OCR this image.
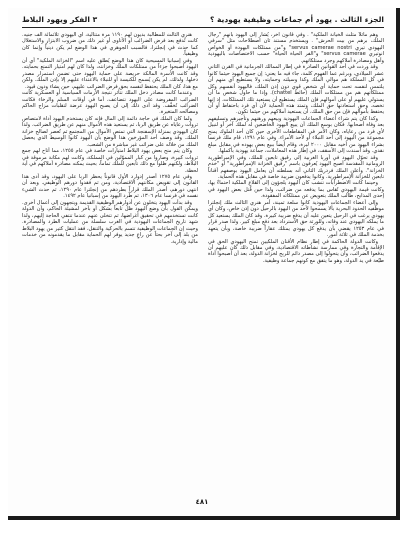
الجزء الثالث . يهود أم جماعات وظيفية يهودية ؟
٣ الفكر ويهود البلاط

وهم ماثلاً مثلث الخيانة الملكية" . وفي قانون آخر، يُشار إلى اليهود بأنهم "رجال الملك، برهم من بيت الحرش" . ويستخدم مستند ثان اصطلاحات مثل "سرفي اليهودي تيري servus camerae nostri" و"من ممتلكات اليهودة أو الخواص انوتيري servus camerae" و"الفر الحياة الحياة" حسب الاختصاصات باليهودية وأهل ومصادرة أملاكهم وجرد ممتلكاتهم.

وقد وردت في أحد القوانين الصادرة في إطار الممالك الجرمانية في القرن الثاني عشر الميلادي، وبرغم عما الفهوم كلمة، جاء فيه ما يعني: إن جميع اليهود حيثما كانوا في كل المملكة هم موالي الملك وكذا وسيلته وحمايته، ولا يستطيع أي منهم أن يلتمس لنفسه تحت حماية أي شخص قوي دون إذن الملك، فاليهود أنفسهم وكل ممتلكاتهم هم من ممتلكات الملك (حائط chattel). وإذا ما حاول شخص ما أن يستولي عليهم أو على أموالهم فإن الملك يستطيع أن يستعيد تلك الممتلكات، إذ إنها تخصه. وحق استعادتها حق الملك، وتمتد هذه الحماية لأن أي فرد باحتفاظ أو أن يحتفظ بأموالهم فإن من حق الملك، أن يستعيد أملاكهم من حيثما تكون.

وكذا كان يتم شراء أعضاء الجماعات اليهودية وبيعهم ورهنهم وتأجيرهم وتسليفهم بعد وفاة أصحابها. فكان بوسع الملك أن يبيع اليهود الخاضعين له لملك آخر أو لنبيل لأي فرد من رعاياه، وكان الأمر في المقاطعات الأخرى حين كان أحد الملوك يمنح مجموعة من اليهود إلى أحد النبلاء أو لأحد الأمراء. وفي عام ١٢٩١، قام ملك فرنسا بشراء اليهود من أخيه مقابل ٢٠٠٠ ليرة، وقام أيضاً ببيع بعض يهوده في مقابل مبلغ نقدي. وقد أُسندت إلى الأسقف، في إطار هذه المعاملات، جماعة يهودية بأكملها.

وقد تحوّل اليهود في أوربا الغربية إلى رقيق تابعين للملك، وفي الإمبراطورية الرومانية المقدسة أصبح اليهود يُعرفون باسم "رقيق الخزانة الإمبراطورية" أو "خدم الخزانة". وأعلن الملك فردريك الثاني أنه بسلطته أن يعامل اليهود بوصفهم أقناناً تابعين للخزانة الإمبراطورية. وكانوا يدفعون ضريبة خاصة في مقابل هذه الحماية.

وحينما كانت الاضطرابات تنشب كان اليهود يلجؤون إلى القلاع الملكية احتماءً بها، وكانت قيمة اليهودي تُقاس بما يدفعه من ضرائب، ولذا حين قُتل بعض اليهود في إحدى المذابح، طالب الملك بتعويض عن ممتلكاته المفقودة.

وإلى أعضاء الجماعات اليهودية كانوا سلعة ثمينة، أمر هنري الثالث ملك إنجلترا موظفيه الحدود البحرية بألا يسمحوا لأحد من اليهود بالرحيل دون إذن خاص، وكان أي يهودي يرغب في الرحيل يتعين عليه أن يدفع ضريبة كبيرة. وقد كان الملك يستعيد كل ما يملكه اليهودي عند وفاته، وللورثة حق الاسترداد بعد دفع مبلغ كبير. ولذا صدر قرار في عام ١٢٥٣ يقضي بأن يدفع كل يهودي يمتلك عقاراً ضريبة خاصة، وبأن يتعهد بخدمة الملك في ثلاثة أمور.

وكانت الدولة الحاكمة في إطار نظام الأقنان الملكيين تمنح اليهودي الحق في الإقامة والتجارة وفي ممارسة نشاطاته الاقتصادية، وفي مقابل ذلك كان عليهم أن يدفعوا الضرائب، وأن يتحولوا إلى مصدر دائم للربح لخزانة الدولة، بعد أن أصبحوا أداة طيّعة في يد الدولة، وهو ما يتفق مع كونهم جماعة وظيفية.

هنري الثالث للمطالبة بديون لهم ١١٩٠ مرة متتالية، أي اليهودي ثلاثمائة ألف جنيه. كانت تُدفع بعد فرض الضرائب أو الأتاوى أو غير ذلك من ضروب الابتزاز والاستغلال كما حدث في إنجلترا، فالسبب الجوهري في هذا الوضع لم يكن دينياً وإنما كان وظيفياً.

وفي إسبانيا المسيحية كان هذا الوضع يُطلق عليه اسم "الخزانة الملكية" أي أن اليهود أصبحوا جزءاً من ممتلكات الملك وخزانته، ولذا كان لهم امتياز التمتع بحمايته. وقد كانت الأسرة المالكة حريصة على حماية اليهود حتى تضمن استمرار مصدر دخلها. ولذلك، لم يكن يُسمح للكنيسة أو للنبلاء بالاعتداء عليهم إلا بإذن الملك. ولكن مع هذا، كان الملك يحتفظ لنفسه بحق فرض الضرائب عليهم، حين يشاء ودون قيود.

وعندما كانت مصادر دخل الملك تتأثر نتيجة الأزمات السياسية أو العسكرية كانت الضرائب المفروضة على اليهود تتضاعف، أما في أوقات السلم والرخاء فكانت الضرائب تُخفَّف. وقد أدى ذلك إلى أن يصبح اليهود عرضة لتقلبات مزاج الحاكم ومصالحه المتغيرة.

ولما كان الملك في حاجة دائمة إلى المال فإنه كان يستخدم اليهود أداة لامتصاص ثروات رعاياه عن طريق الربا، ثم يستعيد هذه الأموال منهم عن طريق الضرائب. ولذا كان اليهودي بمنزلة الإسفنجة التي تمتص الأموال من المجتمع ثم تُعصر لصالح خزانة الملك. وقد وصف أحد المؤرخين هذا الوضع بأن اليهود كانوا الوسيط الذي يحصل الملك من خلاله على ضرائب غير مباشرة من الشعب.

وكان يتم منح بعض يهود البلاط امتيازات خاصة في عام ١٢٥٥، مما أتاح لهم جمع ثروات كبيرة، وصاروا من كبار المموّلين في المملكة، وكانت لهم مكانة مرموقة في البلاط، ولكنهم ظلوا مع ذلك تابعين للملك تماماً، بحيث يمكنه مصادرة أملاكهم في أية لحظة.

وفي عام ١٢٧٥ أصدر إدوارد الأول قانوناً يحظر الربا على اليهود، وقد أدى هذا القانون إلى تقويض مكانتهم الاقتصادية، ومن ثم فقدوا دورهم الوظيفي. وبعد أن انتهى دورهم، أصدر الملك قراراً بطردهم من إنجلترا عام ١٢٩٠، ثم حدث الشيء نفسه في فرنسا عام ١٣٠٦، ثم طُرد اليهود من إسبانيا عام ١٤٩٢.

وقد بدأت اليهود يتخلون عن أدوارهم الوظيفية القديمة ويتجهون إلى أعمال أخرى. ويمكن القول بأن وضع اليهود ظل تابعاً بشكل أو بآخر لمشيئة الحاكم، وأن الدولة كانت تستخدمهم في تحقيق أغراضها، ثم تتخلى عنهم عندما تنتفي الحاجة إليهم، ولذا شهد تاريخ الجماعات اليهودية في الغرب سلسلة من عمليات الطرد والمصادرة. وحيث إن الجماعات الوظيفية تتسم بالحركية والتنقل، فقد انتقل كثير من يهود البلاط من بلد إلى آخر بحثاً عن راعٍ جديد يوفر لهم الحماية مقابل ما يقدمونه من خدمات مالية وإدارية.

٤٨١
